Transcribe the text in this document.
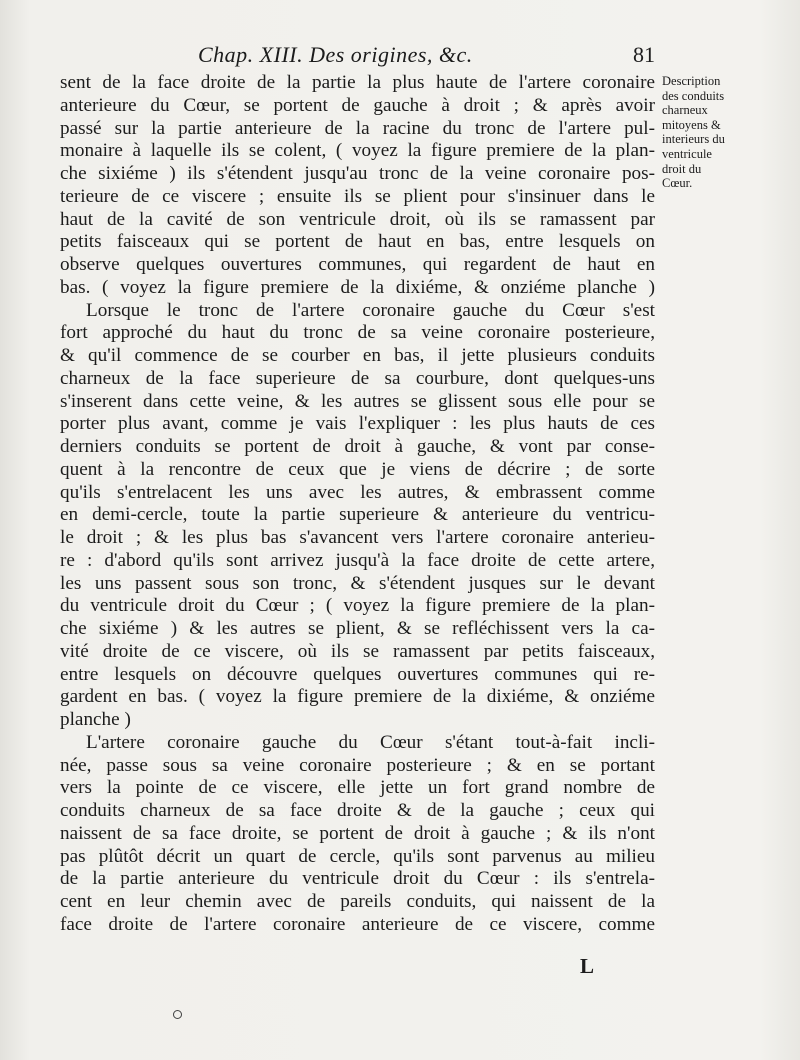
Chap. XIII. Des origines, &c.	81
sent de la face droite de la partie la plus haute de l'artere coronaire
anterieure du Cœur, se portent de gauche à droit ; & après avoir
passé sur la partie anterieure de la racine du tronc de l'artere pul-
monaire à laquelle ils se colent, ( voyez la figure premiere de la plan-
che sixiéme ) ils s'étendent jusqu'au tronc de la veine coronaire pos-
terieure de ce viscere ; ensuite ils se plient pour s'insinuer dans le
haut de la cavité de son ventricule droit, où ils se ramassent par
petits faisceaux qui se portent de haut en bas, entre lesquels on
observe quelques ouvertures communes, qui regardent de haut en
bas. ( voyez la figure premiere de la dixiéme, & onziéme planche )
Lorsque le tronc de l'artere coronaire gauche du Cœur s'est
fort approché du haut du tronc de sa veine coronaire posterieure,
& qu'il commence de se courber en bas, il jette plusieurs conduits
charneux de la face superieure de sa courbure, dont quelques-uns
s'inserent dans cette veine, & les autres se glissent sous elle pour se
porter plus avant, comme je vais l'expliquer : les plus hauts de ces
derniers conduits se portent de droit à gauche, & vont par conse-
quent à la rencontre de ceux que je viens de décrire ; de sorte
qu'ils s'entrelacent les uns avec les autres, & embrassent comme
en demi-cercle, toute la partie superieure & anterieure du ventricu-
le droit ; & les plus bas s'avancent vers l'artere coronaire anterieu-
re : d'abord qu'ils sont arrivez jusqu'à la face droite de cette artere,
les uns passent sous son tronc, & s'étendent jusques sur le devant
du ventricule droit du Cœur ; ( voyez la figure premiere de la plan-
che sixiéme ) & les autres se plient, & se refléchissent vers la ca-
vité droite de ce viscere, où ils se ramassent par petits faisceaux,
entre lesquels on découvre quelques ouvertures communes qui re-
gardent en bas. ( voyez la figure premiere de la dixiéme, & onziéme
planche )
L'artere coronaire gauche du Cœur s'étant tout-à-fait incli-
née, passe sous sa veine coronaire posterieure ; & en se portant
vers la pointe de ce viscere, elle jette un fort grand nombre de
conduits charneux de sa face droite & de la gauche ; ceux qui
naissent de sa face droite, se portent de droit à gauche ; & ils n'ont
pas plûtôt décrit un quart de cercle, qu'ils sont parvenus au milieu
de la partie anterieure du ventricule droit du Cœur : ils s'entrela-
cent en leur chemin avec de pareils conduits, qui naissent de la
face droite de l'artere coronaire anterieure de ce viscere, comme
Description
des conduits
charneux
mitoyens &
interieurs du
ventricule
droit du
Cœur.
L
